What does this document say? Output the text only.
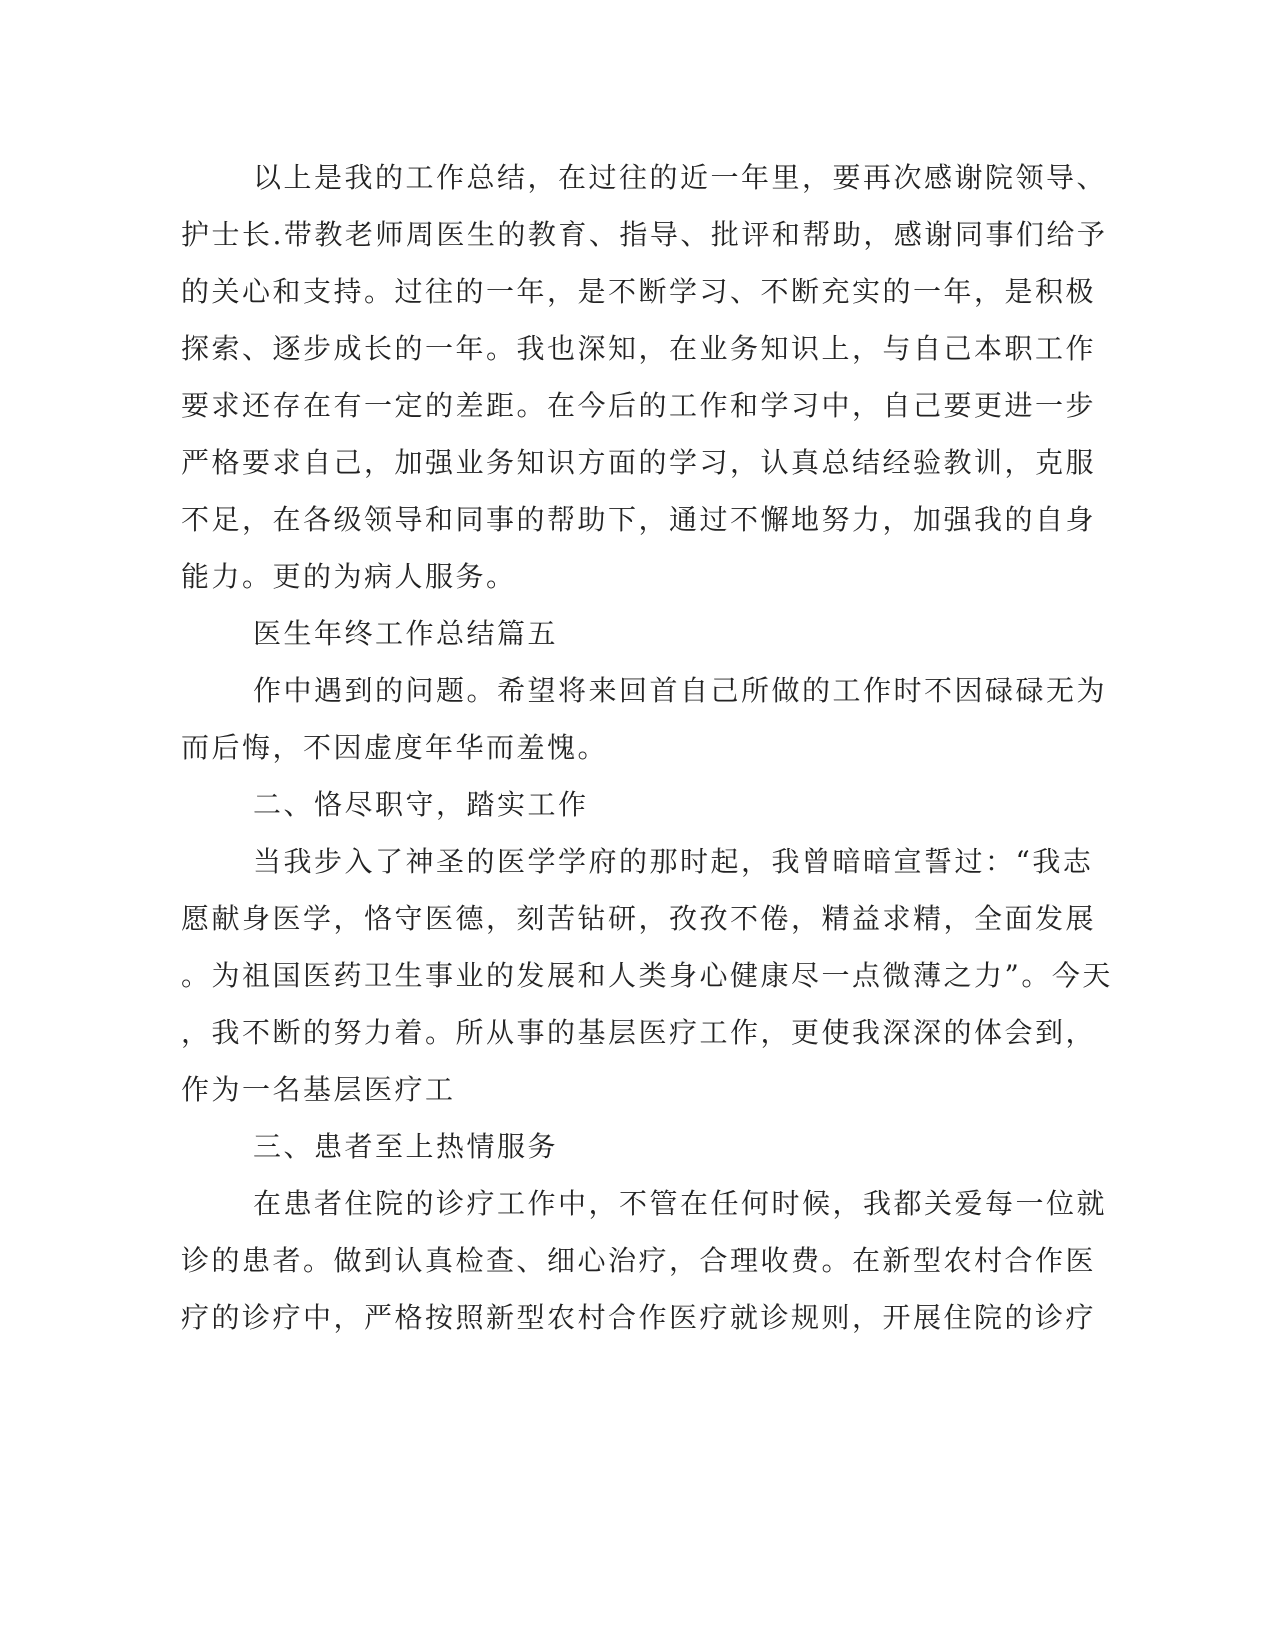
以上是我的工作总结，在过往的近一年里，要再次感谢院领导、
护士长.带教老师周医生的教育、指导、批评和帮助，感谢同事们给予
的关心和支持。过往的一年，是不断学习、不断充实的一年，是积极
探索、逐步成长的一年。我也深知，在业务知识上，与自己本职工作
要求还存在有一定的差距。在今后的工作和学习中，自己要更进一步
严格要求自己，加强业务知识方面的学习，认真总结经验教训，克服
不足，在各级领导和同事的帮助下，通过不懈地努力，加强我的自身
能力。更的为病人服务。
医生年终工作总结篇五
作中遇到的问题。希望将来回首自己所做的工作时不因碌碌无为
而后悔，不因虚度年华而羞愧。
二、恪尽职守，踏实工作
当我步入了神圣的医学学府的那时起，我曾暗暗宣誓过：“我志
愿献身医学，恪守医德，刻苦钻研，孜孜不倦，精益求精，全面发展
。为祖国医药卫生事业的发展和人类身心健康尽一点微薄之力”。今天
，我不断的努力着。所从事的基层医疗工作，更使我深深的体会到，
作为一名基层医疗工
三、患者至上热情服务
在患者住院的诊疗工作中，不管在任何时候，我都关爱每一位就
诊的患者。做到认真检查、细心治疗，合理收费。在新型农村合作医
疗的诊疗中，严格按照新型农村合作医疗就诊规则，开展住院的诊疗
